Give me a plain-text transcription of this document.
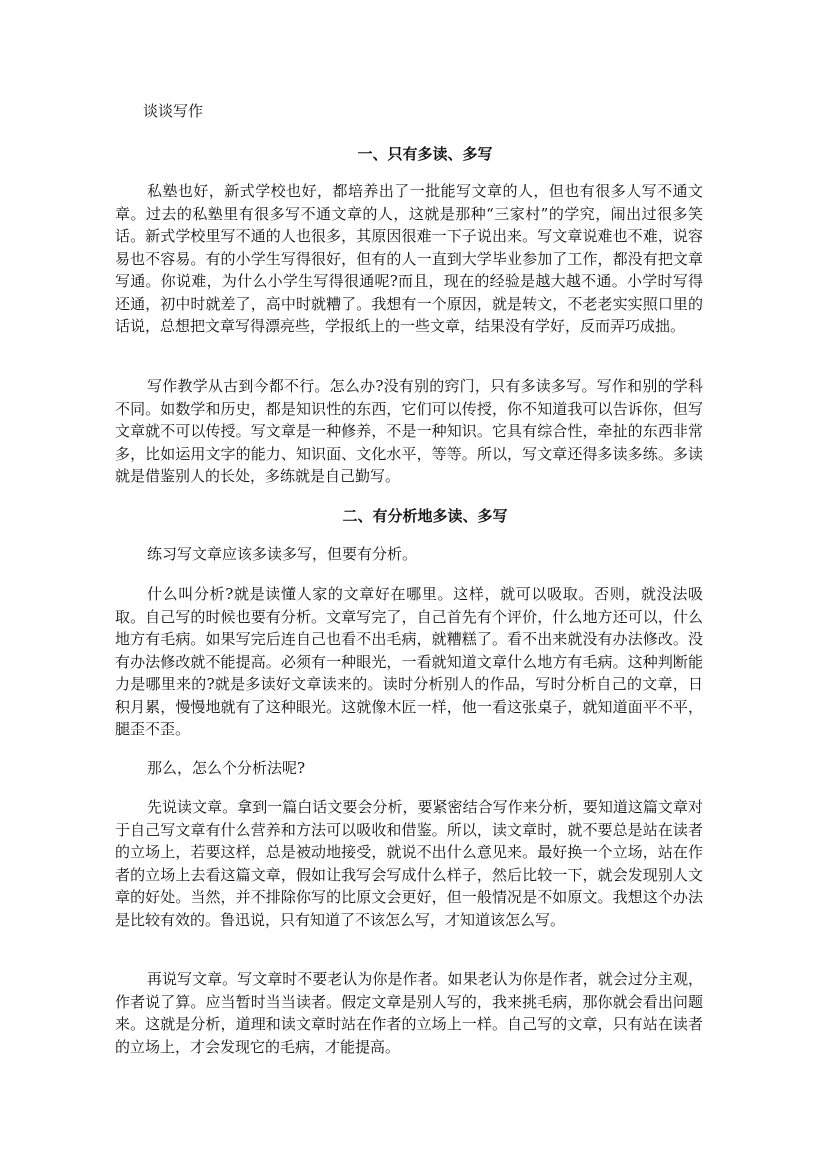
谈谈写作
一、只有多读、多写

私塾也好，新式学校也好，都培养出了一批能写文章的人，但也有很多人写不通文章。过去的私塾里有很多写不通文章的人，这就是那种“三家村”的学究，闹出过很多笑话。新式学校里写不通的人也很多，其原因很难一下子说出来。写文章说难也不难，说容易也不容易。有的小学生写得很好，但有的人一直到大学毕业参加了工作，都没有把文章写通。你说难，为什么小学生写得很通呢?而且，现在的经验是越大越不通。小学时写得还通，初中时就差了，高中时就糟了。我想有一个原因，就是转文，不老老实实照口里的话说，总想把文章写得漂亮些，学报纸上的一些文章，结果没有学好，反而弄巧成拙。

写作教学从古到今都不行。怎么办?没有别的窍门，只有多读多写。写作和别的学科不同。如数学和历史，都是知识性的东西，它们可以传授，你不知道我可以告诉你，但写文章就不可以传授。写文章是一种修养，不是一种知识。它具有综合性，牵扯的东西非常多，比如运用文字的能力、知识面、文化水平，等等。所以，写文章还得多读多练。多读就是借鉴别人的长处，多练就是自己勤写。

二、有分析地多读、多写

练习写文章应该多读多写，但要有分析。

什么叫分析?就是读懂人家的文章好在哪里。这样，就可以吸取。否则，就没法吸取。自己写的时候也要有分析。文章写完了，自己首先有个评价，什么地方还可以，什么地方有毛病。如果写完后连自己也看不出毛病，就糟糕了。看不出来就没有办法修改。没有办法修改就不能提高。必须有一种眼光，一看就知道文章什么地方有毛病。这种判断能力是哪里来的?就是多读好文章读来的。读时分析别人的作品，写时分析自己的文章，日积月累，慢慢地就有了这种眼光。这就像木匠一样，他一看这张桌子，就知道面平不平，腿歪不歪。

那么，怎么个分析法呢?

先说读文章。拿到一篇白话文要会分析，要紧密结合写作来分析，要知道这篇文章对于自己写文章有什么营养和方法可以吸收和借鉴。所以，读文章时，就不要总是站在读者的立场上，若要这样，总是被动地接受，就说不出什么意见来。最好换一个立场，站在作者的立场上去看这篇文章，假如让我写会写成什么样子，然后比较一下，就会发现别人文章的好处。当然，并不排除你写的比原文会更好，但一般情况是不如原文。我想这个办法是比较有效的。鲁迅说，只有知道了不该怎么写，才知道该怎么写。

再说写文章。写文章时不要老认为你是作者。如果老认为你是作者，就会过分主观，作者说了算。应当暂时当当读者。假定文章是别人写的，我来挑毛病，那你就会看出问题来。这就是分析，道理和读文章时站在作者的立场上一样。自己写的文章，只有站在读者的立场上，才会发现它的毛病，才能提高。
